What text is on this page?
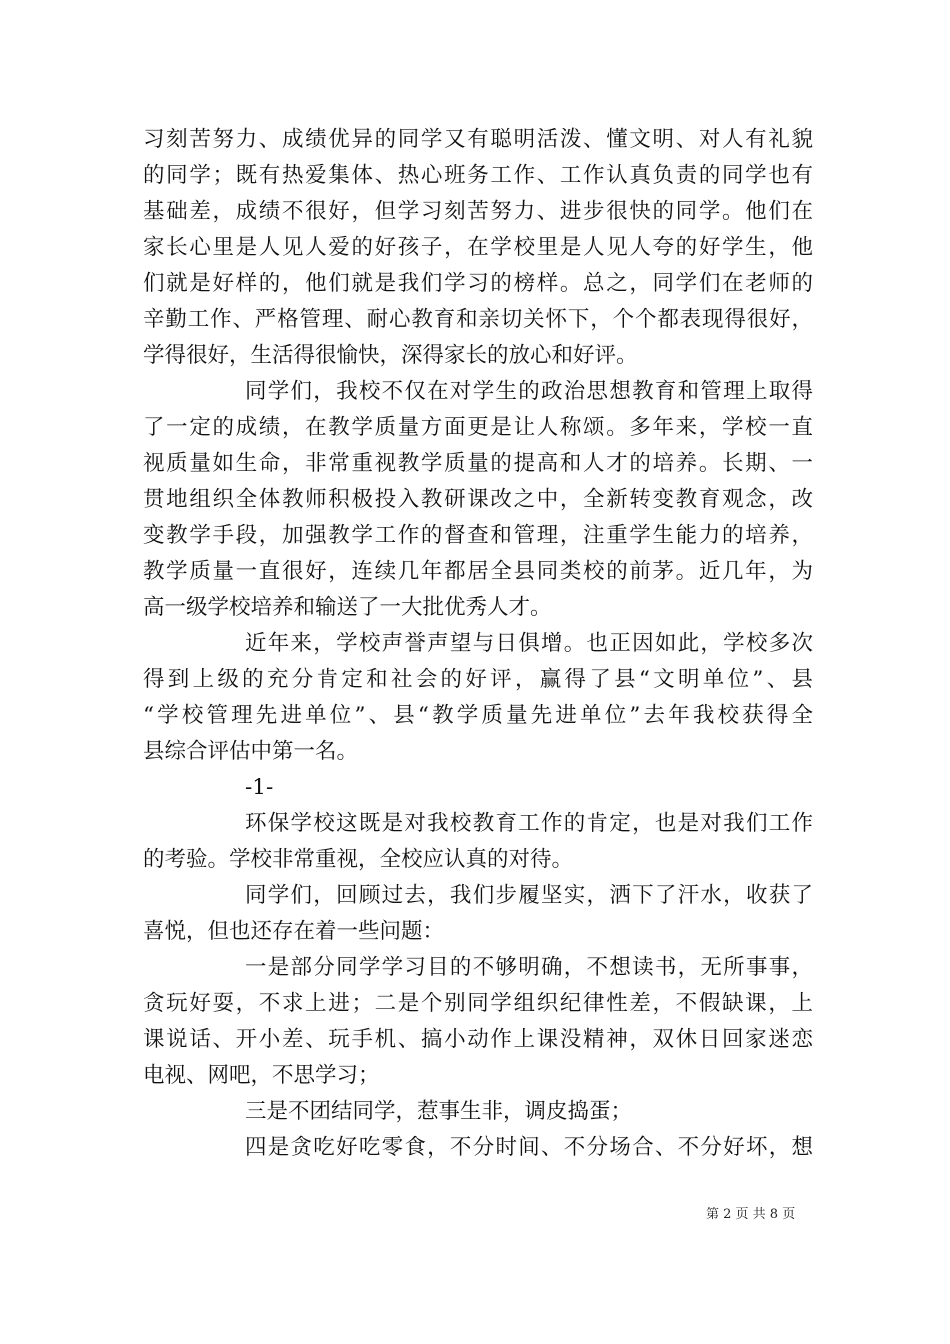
习刻苦努力、成绩优异的同学又有聪明活泼、懂文明、对人有礼貌
的同学；既有热爱集体、热心班务工作、工作认真负责的同学也有
基础差，成绩不很好，但学习刻苦努力、进步很快的同学。他们在
家长心里是人见人爱的好孩子，在学校里是人见人夸的好学生，他
们就是好样的，他们就是我们学习的榜样。总之，同学们在老师的
辛勤工作、严格管理、耐心教育和亲切关怀下，个个都表现得很好，
学得很好，生活得很愉快，深得家长的放心和好评。
同学们，我校不仅在对学生的政治思想教育和管理上取得
了一定的成绩，在教学质量方面更是让人称颂。多年来，学校一直
视质量如生命，非常重视教学质量的提高和人才的培养。长期、一
贯地组织全体教师积极投入教研课改之中，全新转变教育观念，改
变教学手段，加强教学工作的督查和管理，注重学生能力的培养，
教学质量一直很好，连续几年都居全县同类校的前茅。近几年，为
高一级学校培养和输送了一大批优秀人才。
近年来，学校声誉声望与日俱增。也正因如此，学校多次
得到上级的充分肯定和社会的好评，赢得了县“文明单位”、县
“学校管理先进单位”、县“教学质量先进单位”去年我校获得全
县综合评估中第一名。
-1-
环保学校这既是对我校教育工作的肯定，也是对我们工作
的考验。学校非常重视，全校应认真的对待。
同学们，回顾过去，我们步履坚实，洒下了汗水，收获了
喜悦，但也还存在着一些问题：
一是部分同学学习目的不够明确，不想读书，无所事事，
贪玩好耍，不求上进；二是个别同学组织纪律性差，不假缺课，上
课说话、开小差、玩手机、搞小动作上课没精神，双休日回家迷恋
电视、网吧，不思学习；
三是不团结同学，惹事生非，调皮捣蛋；
四是贪吃好吃零食，不分时间、不分场合、不分好坏，想
第 2 页 共 8 页
